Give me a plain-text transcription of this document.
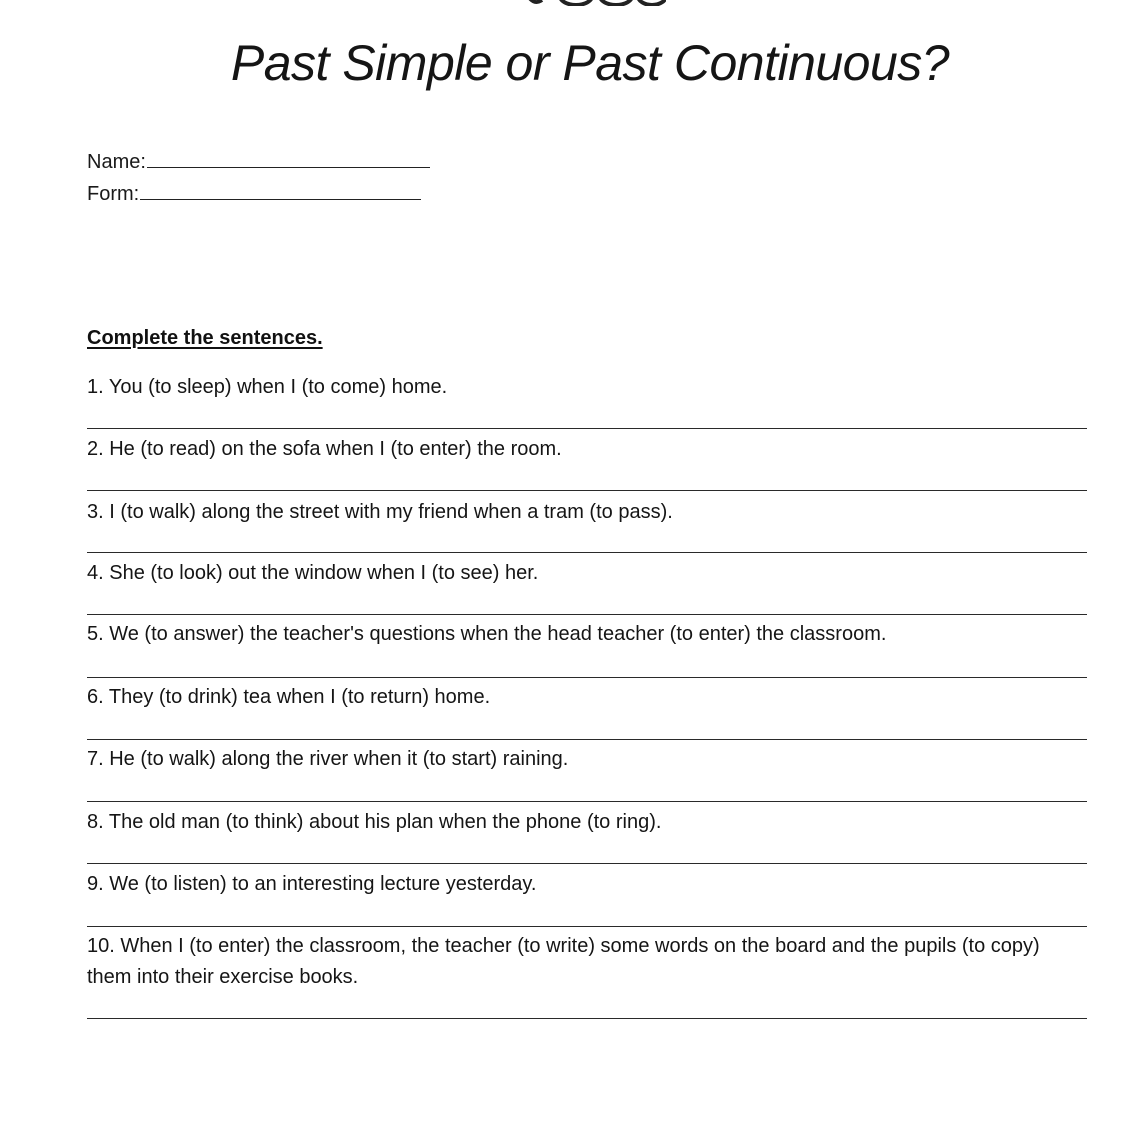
Past Simple or Past Continuous?
Name:
Form:
Complete the sentences.
1. You (to sleep) when I (to come) home.
2. He (to read) on the sofa when I (to enter) the room.
3. I (to walk) along the street with my friend when a tram (to pass).
4. She (to look) out the window when I (to see) her.
5. We (to answer) the teacher's questions when the head teacher (to enter) the classroom.
6. They (to drink) tea when I (to return) home.
7. He (to walk) along the river when it (to start) raining.
8. The old man (to think) about his plan when the phone (to ring).
9. We (to listen) to an interesting lecture yesterday.
10. When I (to enter) the classroom, the teacher (to write) some words on the board and the pupils (to copy) them into their exercise books.
